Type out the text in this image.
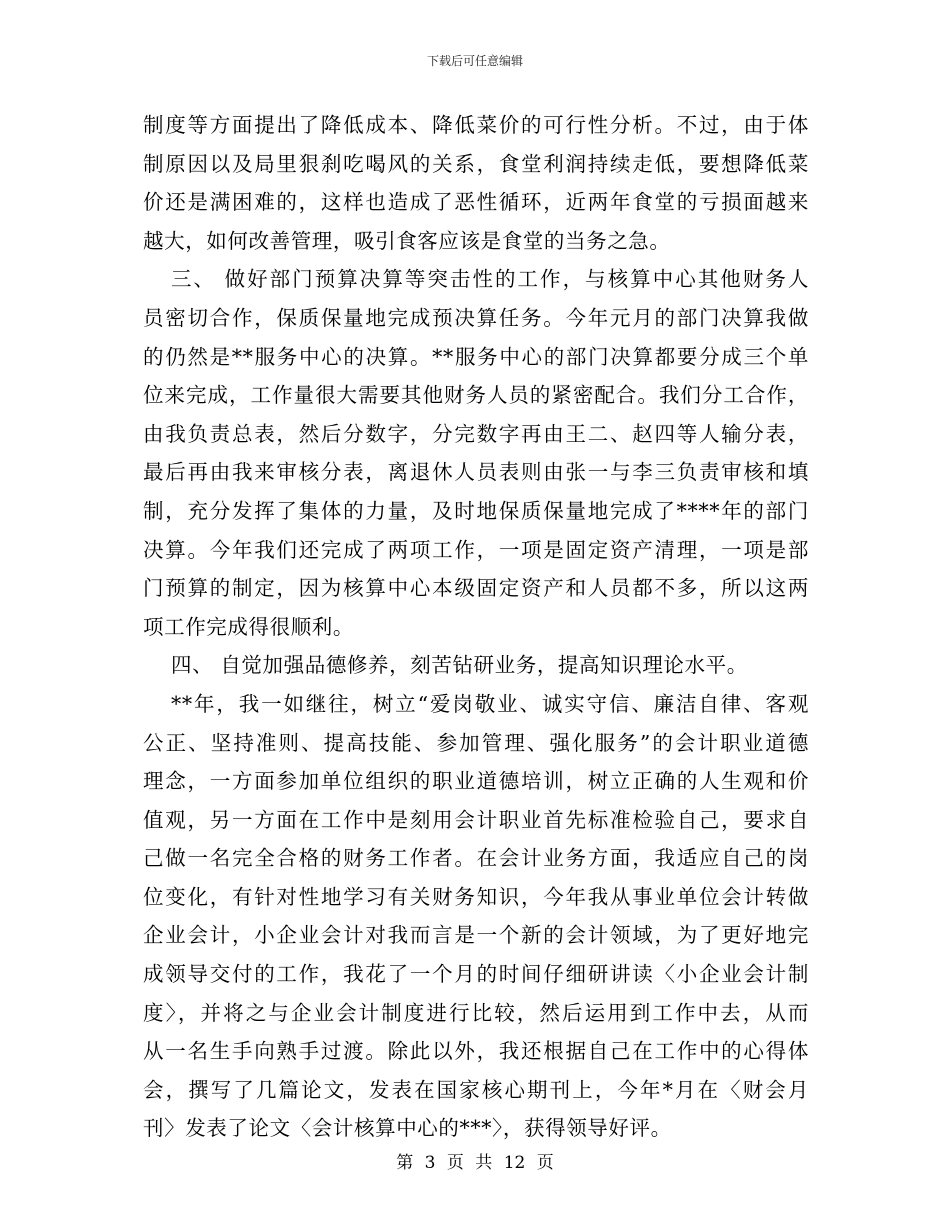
下载后可任意编辑
制度等方面提出了降低成本、降低菜价的可行性分析。不过，由于体
制原因以及局里狠刹吃喝风的关系，食堂利润持续走低，要想降低菜
价还是满困难的，这样也造成了恶性循环，近两年食堂的亏损面越来
越大，如何改善管理，吸引食客应该是食堂的当务之急。
三、 做好部门预算决算等突击性的工作，与核算中心其他财务人
员密切合作，保质保量地完成预决算任务。今年元月的部门决算我做
的仍然是**服务中心的决算。**服务中心的部门决算都要分成三个单
位来完成，工作量很大需要其他财务人员的紧密配合。我们分工合作，
由我负责总表，然后分数字，分完数字再由王二、赵四等人输分表，
最后再由我来审核分表，离退休人员表则由张一与李三负责审核和填
制，充分发挥了集体的力量，及时地保质保量地完成了****年的部门
决算。今年我们还完成了两项工作，一项是固定资产清理，一项是部
门预算的制定，因为核算中心本级固定资产和人员都不多，所以这两
项工作完成得很顺利。
四、 自觉加强品德修养，刻苦钻研业务，提高知识理论水平。
**年，我一如继往，树立“爱岗敬业、诚实守信、廉洁自律、客观
公正、坚持准则、提高技能、参加管理、强化服务”的会计职业道德
理念，一方面参加单位组织的职业道德培训，树立正确的人生观和价
值观，另一方面在工作中是刻用会计职业首先标准检验自己，要求自
己做一名完全合格的财务工作者。在会计业务方面，我适应自己的岗
位变化，有针对性地学习有关财务知识，今年我从事业单位会计转做
企业会计，小企业会计对我而言是一个新的会计领域，为了更好地完
成领导交付的工作，我花了一个月的时间仔细研讲读〈小企业会计制
度〉，并将之与企业会计制度进行比较，然后运用到工作中去，从而
从一名生手向熟手过渡。除此以外，我还根据自己在工作中的心得体
会，撰写了几篇论文，发表在国家核心期刊上，今年*月在〈财会月
刊〉发表了论文〈会计核算中心的***〉，获得领导好评。
第 3 页 共 12 页
